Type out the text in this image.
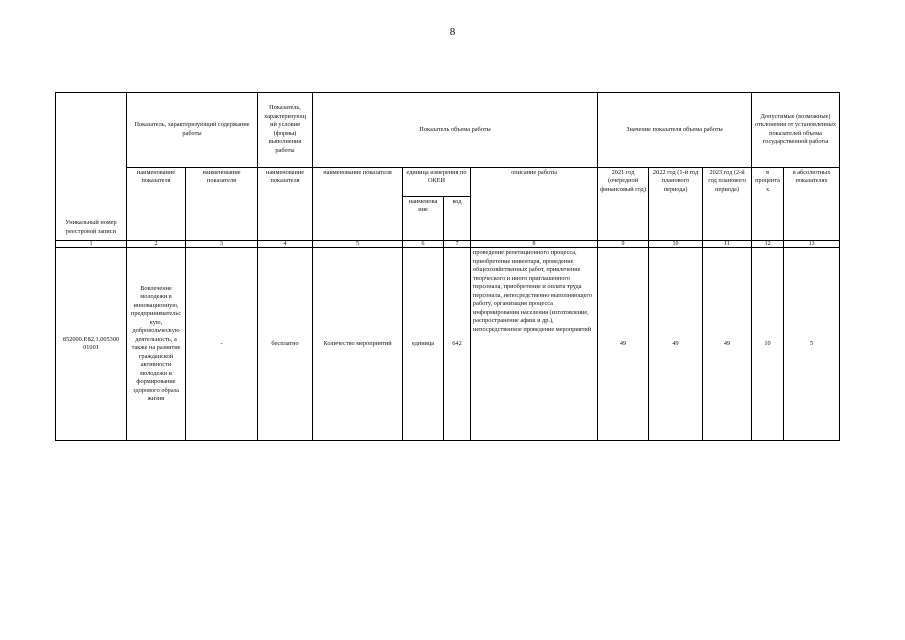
8
Уникальный номер реестровой записи	Показатель, характеризующий содержание работы		Показатель, характеризующ ий условия (формы) выполнения работы	Показатель объема работы				Значение показателя объема работы			Допустимые (возможные) отклонения от установленных показателей объема государственной работы	
	наименование показателя	наименование показателя	наименование показателя	наименование показателя	единица измерения по ОКЕИ		описание работы	2021 год (очередной финансовый год)	2022 год (1-й год планового периода)	2023 год (2-й год планового периода)	в процентах	в абсолютных показателях
					наименова ние	код						
1	2	3	4	5	6	7	8	9	10	11	12	13
852000.Р.82.1.005300 01001	Вовлечение молодежи в инновационную, предпринимательс кую, добровольческую деятельность, а также на развитие гражданской активности молодежи и формирование здорового образа жизни	-	бесплатно	Количество мероприятий	единица	642	проведение репетиционного процесса, приобретение инвентаря, проведение общехозяйственных работ, привлечение творческого и иного приглашенного персонала, приобретение и оплата труда персонала, непосредственно выполняющего работу, организация процесса информирования населения (изготовление, распространение афиш и др.), непосредственное проведение мероприятий	49	49	49	10	5
